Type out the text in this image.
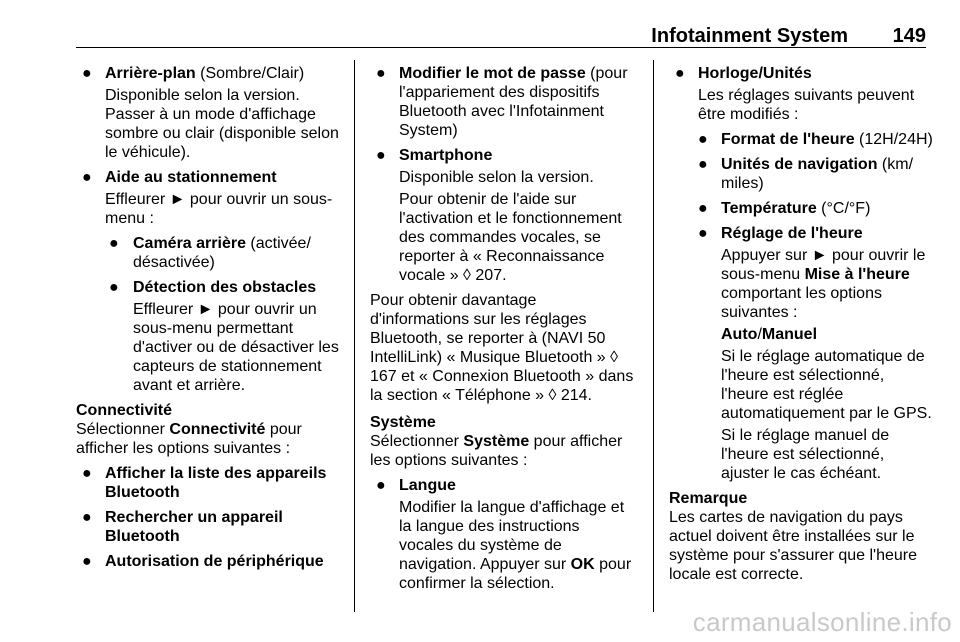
Infotainment System 149
● Arrière-plan (Sombre/Clair)
Disponible selon la version. Passer à un mode d'affichage sombre ou clair (disponible selon le véhicule).
● Aide au stationnement
Effleurer ► pour ouvrir un sous-menu :
● Caméra arrière (activée/ désactivée)
● Détection des obstacles
Effleurer ► pour ouvrir un sous-menu permettant d'activer ou de désactiver les capteurs de stationnement avant et arrière.
Connectivité
Sélectionner Connectivité pour afficher les options suivantes :
● Afficher la liste des appareils Bluetooth
● Rechercher un appareil Bluetooth
● Autorisation de périphérique
● Modifier le mot de passe (pour l'appariement des dispositifs Bluetooth avec l'Infotainment System)
● Smartphone
Disponible selon la version.
Pour obtenir de l'aide sur l'activation et le fonctionnement des commandes vocales, se reporter à « Reconnaissance vocale » ◊ 207.
Pour obtenir davantage d'informations sur les réglages Bluetooth, se reporter à (NAVI 50 IntelliLink) « Musique Bluetooth » ◊ 167 et « Connexion Bluetooth » dans la section « Téléphone » ◊ 214.
Système
Sélectionner Système pour afficher les options suivantes :
● Langue
Modifier la langue d'affichage et la langue des instructions vocales du système de navigation. Appuyer sur OK pour confirmer la sélection.
● Horloge/Unités
Les réglages suivants peuvent être modifiés :
● Format de l'heure (12H/24H)
● Unités de navigation (km/ miles)
● Température (°C/°F)
● Réglage de l'heure
Appuyer sur ► pour ouvrir le sous-menu Mise à l'heure comportant les options suivantes :
Auto/Manuel
Si le réglage automatique de l'heure est sélectionné, l'heure est réglée automatiquement par le GPS.
Si le réglage manuel de l'heure est sélectionné, ajuster le cas échéant.
Remarque
Les cartes de navigation du pays actuel doivent être installées sur le système pour s'assurer que l'heure locale est correcte.
carmanualsonline.info
